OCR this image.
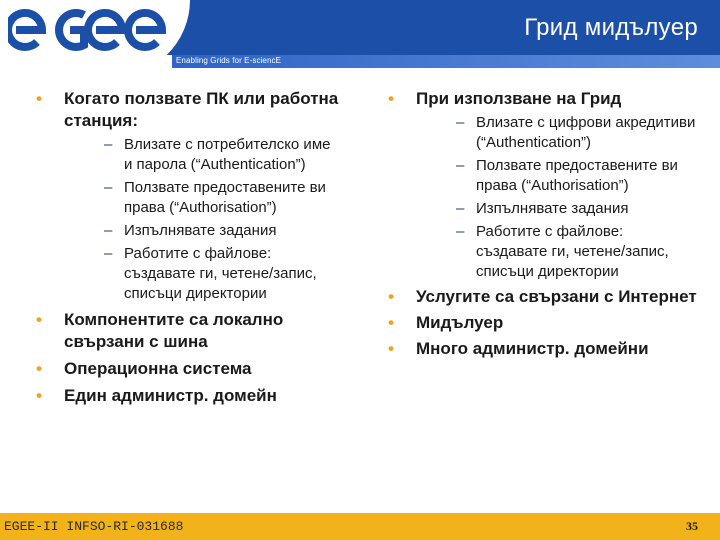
Enabling Grids for E-sciencE
Грид мидълуер
• Когато ползвате ПК или работна станция:
– Влизате с потребителско име и парола (“Authentication”)
– Ползвате предоставените ви права (“Authorisation”)
– Изпълнявате задания
– Работите с файлове: създавате ги, четене/запис, списъци директории
• Компонентите са локално свързани с шина
• Операционна система
• Един администр. домейн
• При използване на Грид
– Влизате с цифрови акредитиви (“Authentication”)
– Ползвате предоставените ви права (“Authorisation”)
– Изпълнявате задания
– Работите с файлове: създавате ги, четене/запис, списъци директории
• Услугите са свързани с Интернет
• Мидълуер
• Много администр. домейни
EGEE-II INFSO-RI-031688	35
